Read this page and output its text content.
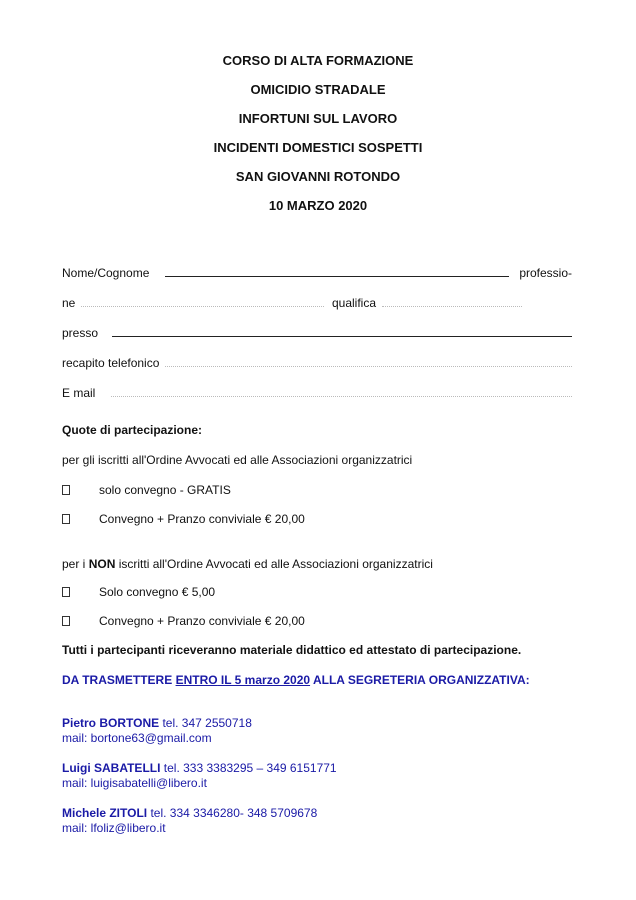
CORSO DI ALTA FORMAZIONE
OMICIDIO STRADALE
INFORTUNI SUL LAVORO
INCIDENTI DOMESTICI SOSPETTI
SAN GIOVANNI ROTONDO
10 MARZO 2020
Nome/Cognome	professio-
ne	qualifica
presso
recapito telefonico
E mail
Quote di partecipazione:
per gli iscritti all'Ordine Avvocati ed alle Associazioni organizzatrici
solo convegno - GRATIS
Convegno + Pranzo conviviale € 20,00
per i NON iscritti all'Ordine Avvocati ed alle Associazioni organizzatrici
Solo convegno € 5,00
Convegno + Pranzo conviviale € 20,00
Tutti i partecipanti riceveranno materiale didattico ed attestato di partecipazione.
DA TRASMETTERE ENTRO IL 5 marzo 2020 ALLA SEGRETERIA ORGANIZZATIVA:
Pietro BORTONE tel. 347 2550718
mail: bortone63@gmail.com
Luigi SABATELLI tel. 333 3383295 – 349 6151771
mail: luigisabatelli@libero.it
Michele ZITOLI tel. 334 3346280- 348 5709678
mail: lfoliz@libero.it
